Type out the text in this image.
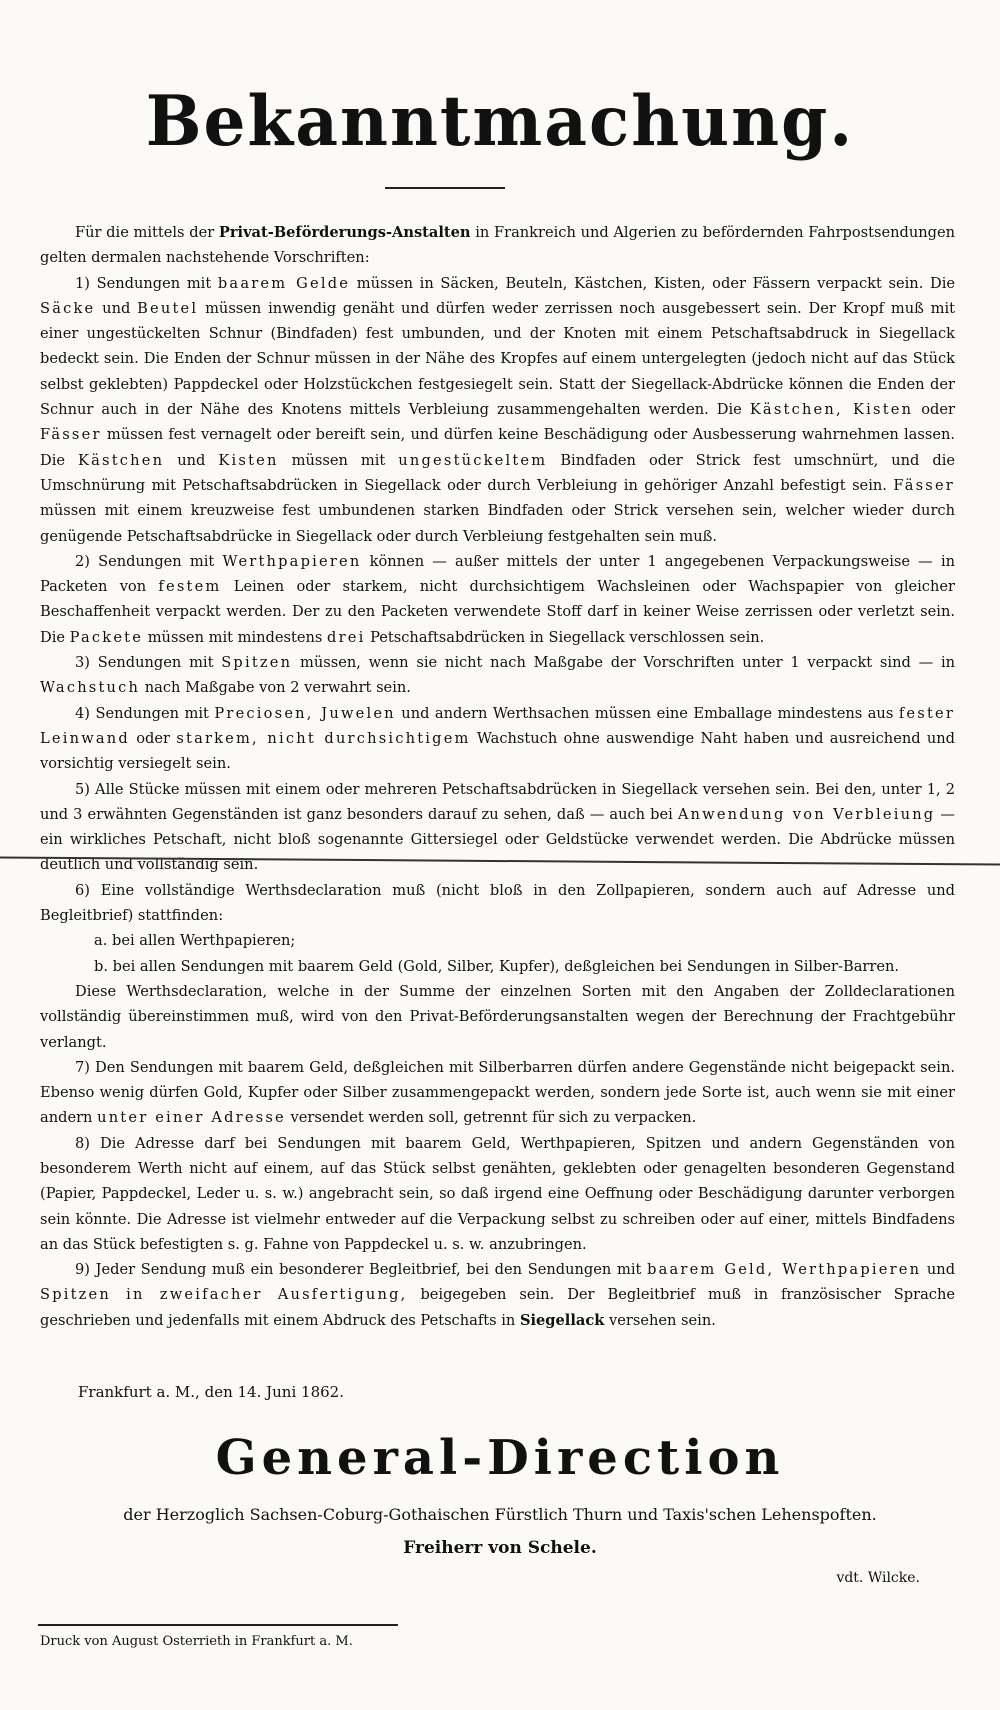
Bekanntmachung.

Für die mittels der Privat-Beförderungs-Anstalten in Frankreich und Algerien zu befördernden Fahrpostsendungen gelten dermalen nachstehende Vorschriften:

1) Sendungen mit baarem Gelde müssen in Säcken, Beuteln, Kästchen, Kisten, oder Fässern verpackt sein. Die Säcke und Beutel müssen inwendig genäht und dürfen weder zerrissen noch ausgebessert sein. Der Kropf muß mit einer ungestückelten Schnur (Bindfaden) fest umbunden, und der Knoten mit einem Petschaftsabdruck in Siegellack bedeckt sein. Die Enden der Schnur müssen in der Nähe des Kropfes auf einem untergelegten (jedoch nicht auf das Stück selbst geklebten) Pappdeckel oder Holzstückchen festgesiegelt sein. Statt der Siegellack-Abdrücke können die Enden der Schnur auch in der Nähe des Knotens mittels Verbleiung zusammengehalten werden. Die Kästchen, Kisten oder Fässer müssen fest vernagelt oder bereift sein, und dürfen keine Beschädigung oder Ausbesserung wahrnehmen lassen. Die Kästchen und Kisten müssen mit ungestückeltem Bindfaden oder Strick fest umschnürt, und die Umschnürung mit Petschaftsabdrücken in Siegellack oder durch Verbleiung in gehöriger Anzahl befestigt sein. Fässer müssen mit einem kreuzweise fest umbundenen starken Bindfaden oder Strick versehen sein, welcher wieder durch genügende Petschaftsabdrücke in Siegellack oder durch Verbleiung festgehalten sein muß.

2) Sendungen mit Werthpapieren können — außer mittels der unter 1 angegebenen Verpackungsweise — in Packeten von festem Leinen oder starkem, nicht durchsichtigem Wachsleinen oder Wachspapier von gleicher Beschaffenheit verpackt werden. Der zu den Packeten verwendete Stoff darf in keiner Weise zerrissen oder verletzt sein. Die Packete müssen mit mindestens drei Petschaftsabdrücken in Siegellack verschlossen sein.

3) Sendungen mit Spitzen müssen, wenn sie nicht nach Maßgabe der Vorschriften unter 1 verpackt sind — in Wachstuch nach Maßgabe von 2 verwahrt sein.

4) Sendungen mit Preciosen, Juwelen und andern Werthsachen müssen eine Emballage mindestens aus fester Leinwand oder starkem, nicht durchsichtigem Wachstuch ohne auswendige Naht haben und ausreichend und vorsichtig versiegelt sein.

5) Alle Stücke müssen mit einem oder mehreren Petschaftsabdrücken in Siegellack versehen sein. Bei den, unter 1, 2 und 3 erwähnten Gegenständen ist ganz besonders darauf zu sehen, daß — auch bei Anwendung von Verbleiung — ein wirkliches Petschaft, nicht bloß sogenannte Gittersiegel oder Geldstücke verwendet werden. Die Abdrücke müssen deutlich und vollständig sein.

6) Eine vollständige Werthsdeclaration muß (nicht bloß in den Zollpapieren, sondern auch auf Adresse und Begleitbrief) stattfinden:

a. bei allen Werthpapieren;

b. bei allen Sendungen mit baarem Geld (Gold, Silber, Kupfer), deßgleichen bei Sendungen in Silber-Barren.

Diese Werthsdeclaration, welche in der Summe der einzelnen Sorten mit den Angaben der Zolldeclarationen vollständig übereinstimmen muß, wird von den Privat-Beförderungsanstalten wegen der Berechnung der Frachtgebühr verlangt.

7) Den Sendungen mit baarem Geld, deßgleichen mit Silberbarren dürfen andere Gegenstände nicht beigepackt sein. Ebenso wenig dürfen Gold, Kupfer oder Silber zusammengepackt werden, sondern jede Sorte ist, auch wenn sie mit einer andern unter einer Adresse versendet werden soll, getrennt für sich zu verpacken.

8) Die Adresse darf bei Sendungen mit baarem Geld, Werthpapieren, Spitzen und andern Gegenständen von besonderem Werth nicht auf einem, auf das Stück selbst genähten, geklebten oder genagelten besonderen Gegenstand (Papier, Pappdeckel, Leder u. s. w.) angebracht sein, so daß irgend eine Oeffnung oder Beschädigung darunter verborgen sein könnte. Die Adresse ist vielmehr entweder auf die Verpackung selbst zu schreiben oder auf einer, mittels Bindfadens an das Stück befestigten s. g. Fahne von Pappdeckel u. s. w. anzubringen.

9) Jeder Sendung muß ein besonderer Begleitbrief, bei den Sendungen mit baarem Geld, Werthpapieren und Spitzen in zweifacher Ausfertigung, beigegeben sein. Der Begleitbrief muß in französischer Sprache geschrieben und jedenfalls mit einem Abdruck des Petschafts in Siegellack versehen sein.

Frankfurt a. M., den 14. Juni 1862.
General-Direction
der Herzoglich Sachsen-Coburg-Gothaischen Fürstlich Thurn und Taxis'schen Lehenspoften.
Freiherr von Schele.
vdt. Wilcke.
Druck von August Osterrieth in Frankfurt a. M.
